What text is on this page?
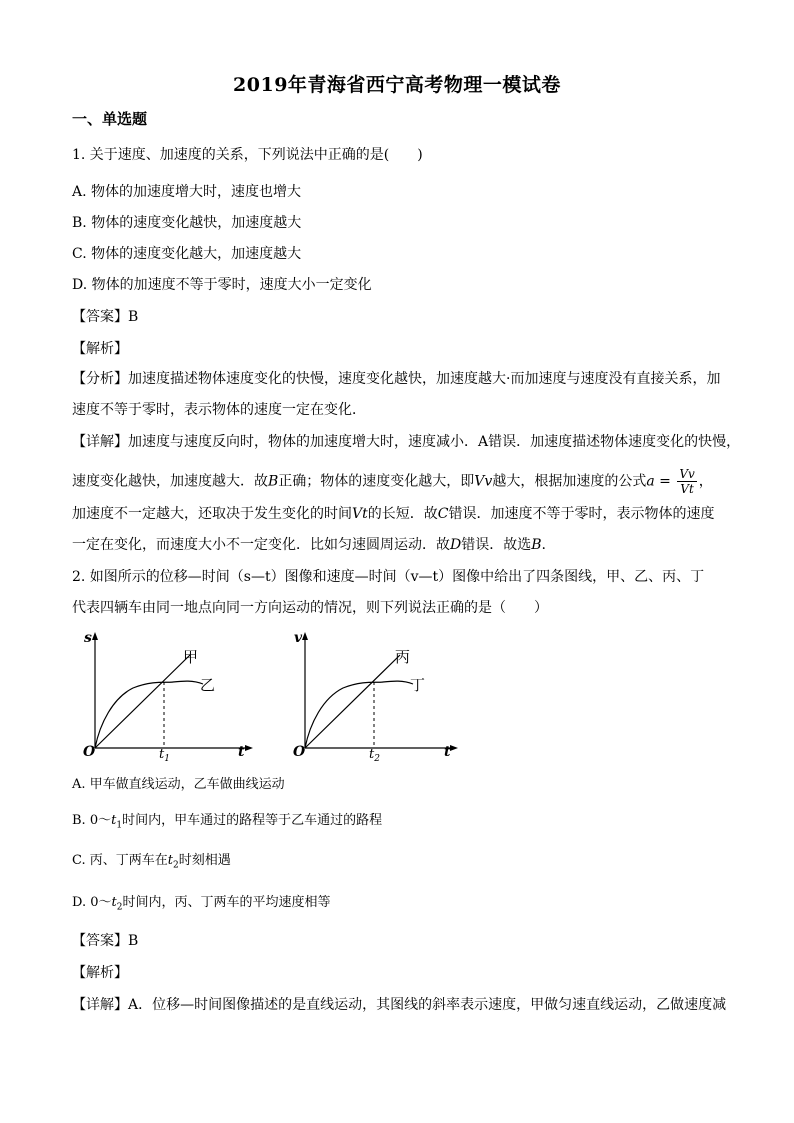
2019年青海省西宁高考物理一模试卷
一、单选题
1. 关于速度、加速度的关系，下列说法中正确的是(　　)
A. 物体的加速度增大时，速度也增大
B. 物体的速度变化越快，加速度越大
C. 物体的速度变化越大，加速度越大
D. 物体的加速度不等于零时，速度大小一定变化
【答案】B
【解析】
【分析】加速度描述物体速度变化的快慢，速度变化越快，加速度越大·而加速度与速度没有直接关系，加
速度不等于零时，表示物体的速度一定在变化．
【详解】加速度与速度反向时，物体的加速度增大时，速度减小．A错误．加速度描述物体速度变化的快慢，
速度变化越快，加速度越大．故B正确；物体的速度变化越大，即Vv越大，根据加速度的公式$a = \frac{Vv}{Vt}$ ，
加速度不一定越大，还取决于发生变化的时间Vt的长短．故C错误．加速度不等于零时，表示物体的速度
一定在变化，而速度大小不一定变化．比如匀速圆周运动．故D错误．故选B.
2. 如图所示的位移—时间（s—t）图像和速度—时间（v—t）图像中给出了四条图线，甲、乙、丙、丁
代表四辆车由同一地点向同一方向运动的情况，则下列说法正确的是（　　）
s
t
O	$t_1$
甲
乙
v
t
O	$t_2$
丙
丁
A. 甲车做直线运动，乙车做曲线运动
B. $0\sim t_1$时间内，甲车通过的路程等于乙车通过的路程
C. 丙、丁两车在$t_2$时刻相遇
D. $0\sim t_2$时间内，丙、丁两车的平均速度相等
【答案】B
【解析】
【详解】A．位移—时间图像描述的是直线运动，其图线的斜率表示速度，甲做匀速直线运动，乙做速度减
